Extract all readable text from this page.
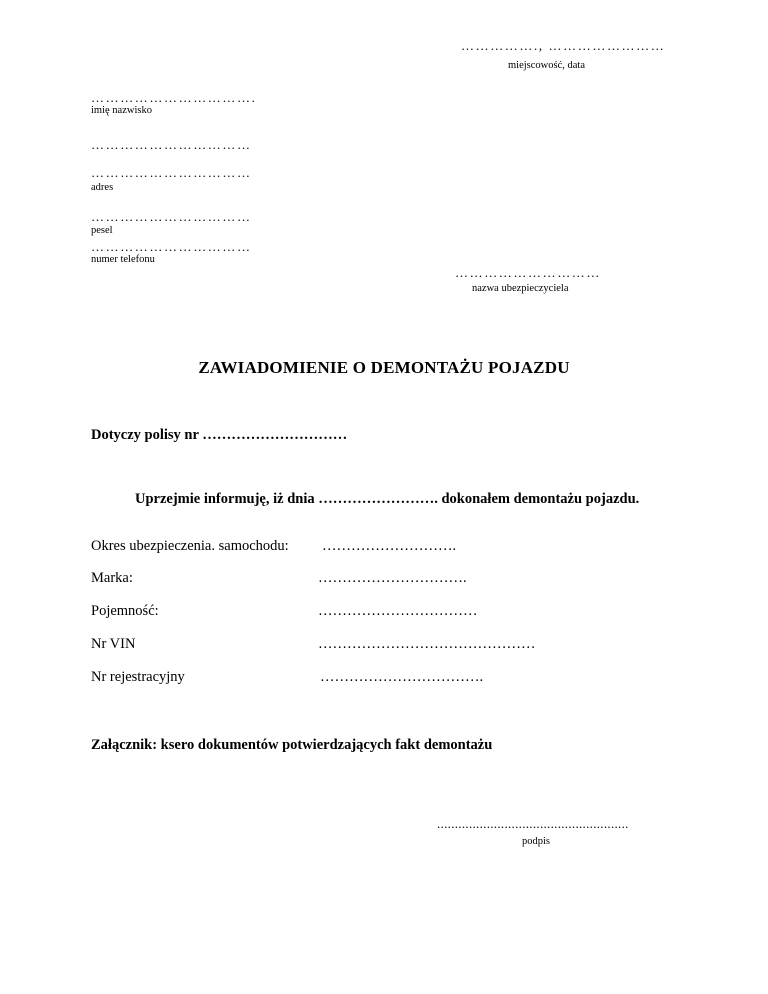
……………., ……………………
miejscowość, data
…………………………….
imię nazwisko
……………………………
……………………………
adres
……………………………
pesel
……………………………
numer telefonu
…………………………
nazwa ubezpieczyciela
ZAWIADOMIENIE O DEMONTAŻU POJAZDU
Dotyczy polisy nr …………………………
Uprzejmie informuję, iż dnia ……………………. dokonałem demontażu pojazdu.
Okres ubezpieczenia. samochodu: ……………………….
Marka:	………………………….
Pojemność:	……………………………
Nr VIN	………………………………………
Nr rejestracyjny	…………………………….
Załącznik: ksero dokumentów potwierdzających fakt demontażu
......................................................
podpis
